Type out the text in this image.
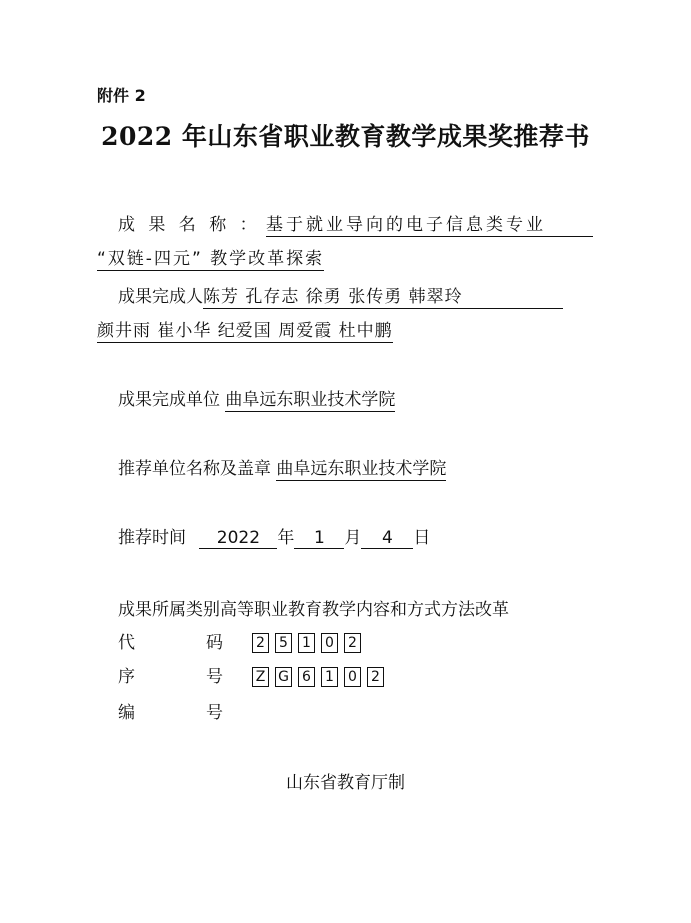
附件 2
2022 年山东省职业教育教学成果奖推荐书
成 果 名 称 ： 基于就业导向的电子信息类专业
“双链-四元” 教学改革探索
成果完成人陈芳 孔存志 徐勇 张传勇 韩翠玲
颜井雨 崔小华 纪爱国 周爱霞 杜中鹏
成果完成单位 曲阜远东职业技术学院
推荐单位名称及盖章 曲阜远东职业技术学院
推荐时间 2022 年 1 月 4 日
成果所属类别高等职业教育教学内容和方式方法改革
代	码 2 5 1 0 2
序	号 Z G 6 1 0 2
编	号
山东省教育厅制
